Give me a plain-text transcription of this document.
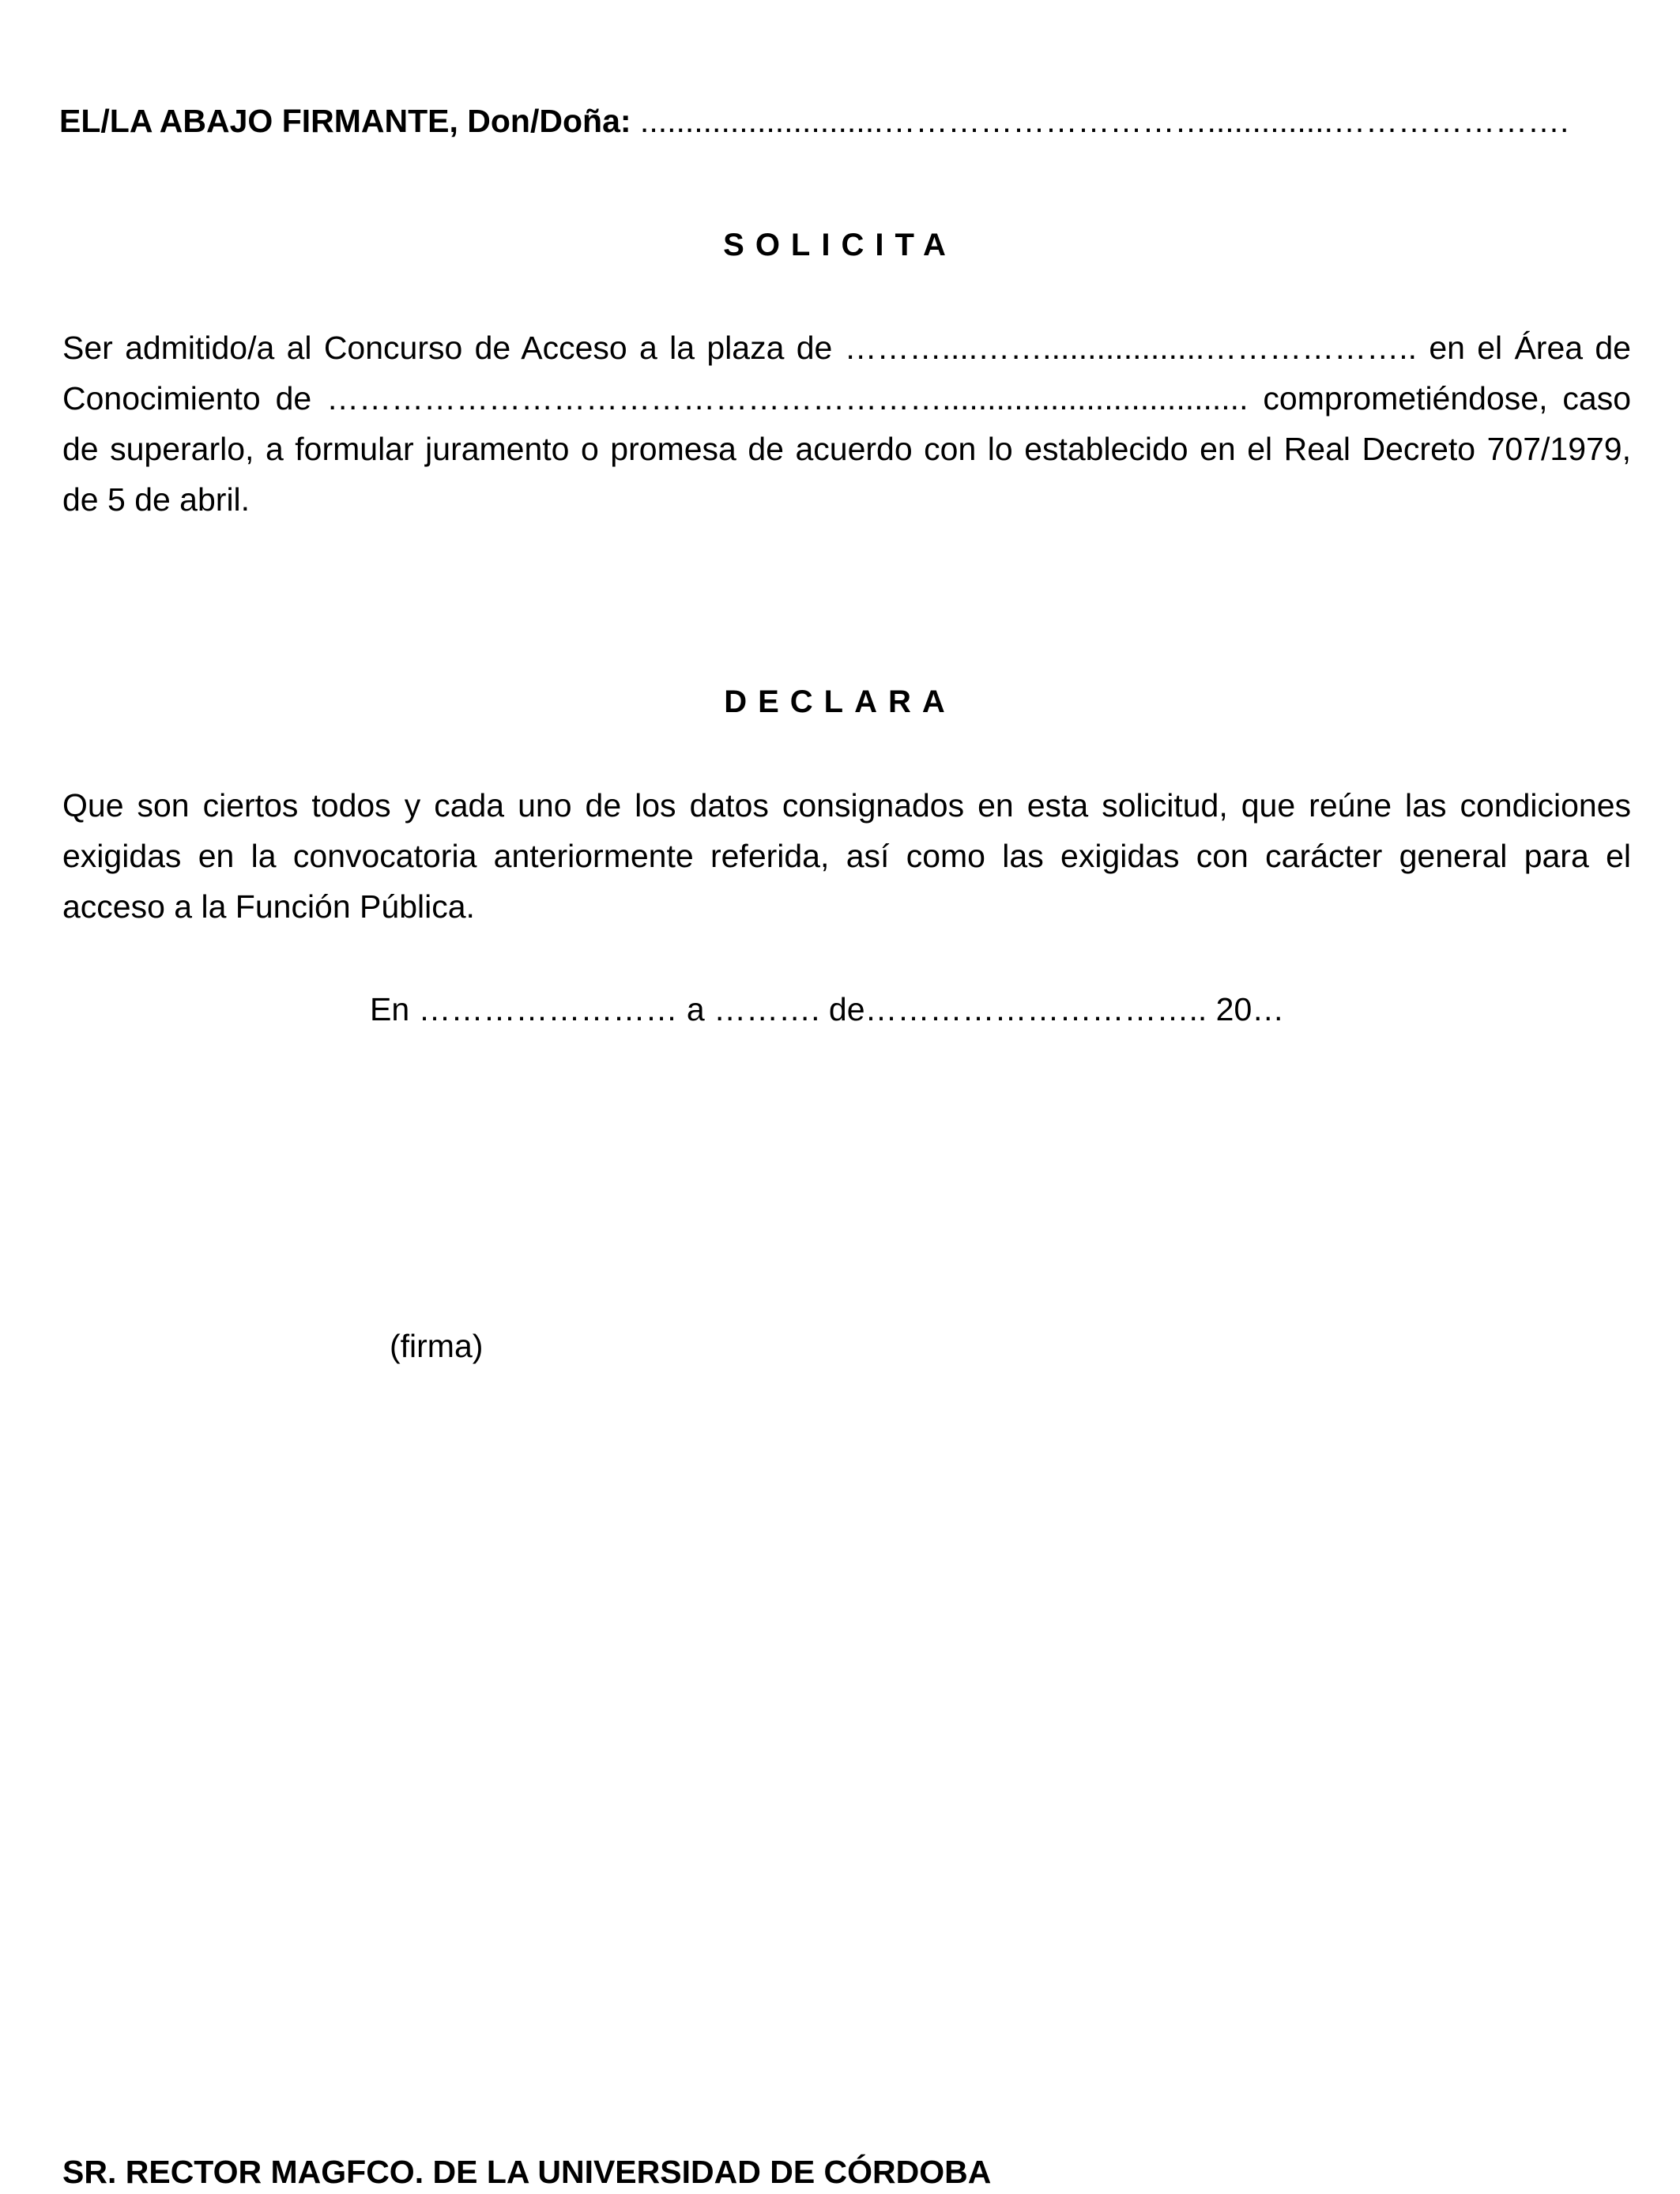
EL/LA ABAJO FIRMANTE, Don/Doña: ...........................…………………………..............………………….
SOLICITA
Ser admitido/a al Concurso de Acceso a la plaza de ………....……..................……………….. en el Área de Conocimiento de ………………………………………………….................................. comprometiéndose, caso de superarlo, a formular juramento o promesa de acuerdo con lo establecido en el Real Decreto 707/1979, de 5 de abril.
DECLARA
Que son ciertos todos y cada uno de los datos consignados en esta solicitud, que reúne las condiciones exigidas en la convocatoria anteriormente referida, así como las exigidas con carácter general para el acceso a la Función Pública.
En …………………… a ………. de………………………….. 20…
(firma)
SR. RECTOR MAGFCO. DE LA UNIVERSIDAD DE CÓRDOBA
